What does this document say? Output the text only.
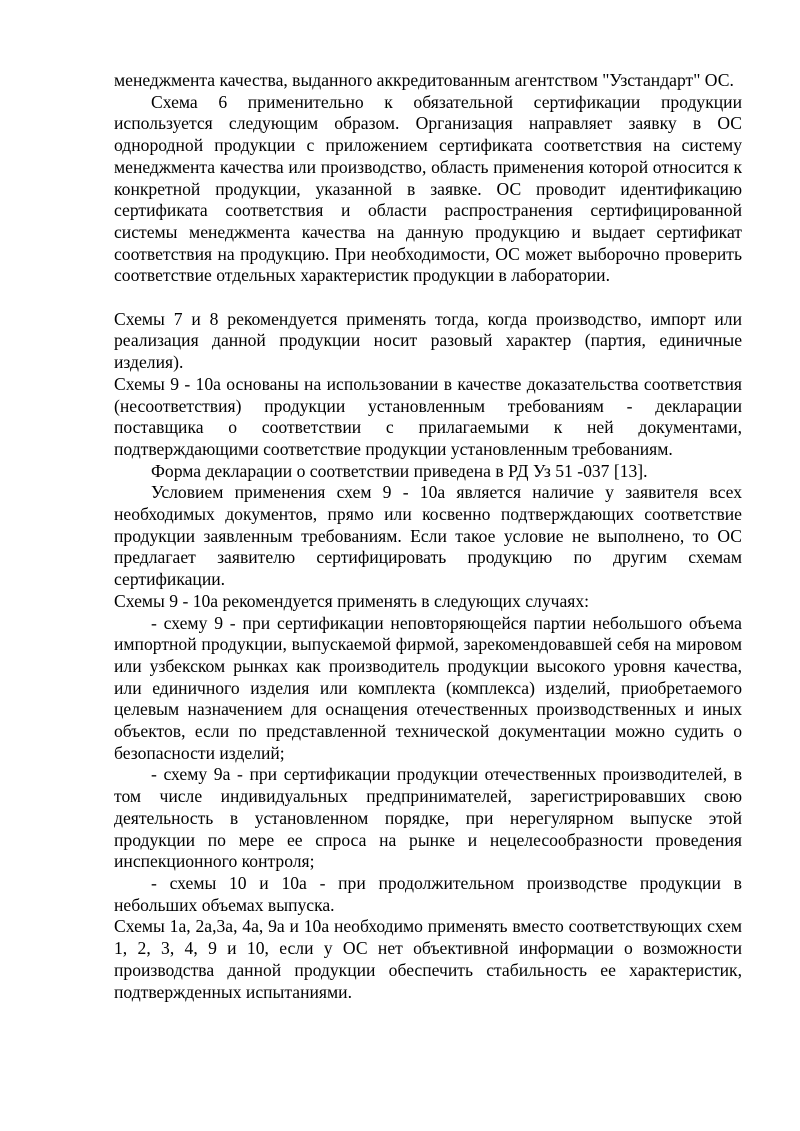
менеджмента качества, выданного аккредитованным агентством "Узстандарт" ОС.

Схема 6 применительно к обязательной сертификации продукции используется следующим образом. Организация направляет заявку в ОС однородной продукции с приложением сертификата соответствия на систему менеджмента качества или производство, область применения которой относится к конкретной продукции, указанной в заявке. ОС проводит идентификацию сертификата соответствия и области распространения сертифицированной системы менеджмента качества на данную продукцию и выдает сертификат соответствия на продукцию. При необходимости, ОС может выборочно проверить соответствие отдельных характеристик продукции в лаборатории.

Схемы 7 и 8 рекомендуется применять тогда, когда производство, импорт или реализация данной продукции носит разовый характер (партия, единичные изделия).

Схемы 9 - 10а основаны на использовании в качестве доказательства соответствия (несоответствия) продукции установленным требованиям - декларации поставщика о соответствии с прилагаемыми к ней документами, подтверждающими соответствие продукции установленным требованиям.

Форма декларации о соответствии приведена в РД Уз 51 -037 [13].

Условием применения схем 9 - 10а является наличие у заявителя всех необходимых документов, прямо или косвенно подтверждающих соответствие продукции заявленным требованиям. Если такое условие не выполнено, то ОС предлагает заявителю сертифицировать продукцию по другим схемам сертификации.

Схемы 9 - 10а рекомендуется применять в следующих случаях:

- схему 9 - при сертификации неповторяющейся партии небольшого объема импортной продукции, выпускаемой фирмой, зарекомендовавшей себя на мировом или узбекском рынках как производитель продукции высокого уровня качества, или единичного изделия или комплекта (комплекса) изделий, приобретаемого целевым назначением для оснащения отечественных производственных и иных объектов, если по представленной технической документации можно судить о безопасности изделий;

- схему 9а - при сертификации продукции отечественных производителей, в том числе индивидуальных предпринимателей, зарегистрировавших свою деятельность в установленном порядке, при нерегулярном выпуске этой продукции по мере ее спроса на рынке и нецелесообразности проведения инспекционного контроля;

- схемы 10 и 10а - при продолжительном производстве продукции в небольших объемах выпуска.

Схемы 1а, 2а,3а, 4а, 9а и 10а необходимо применять вместо соответствующих схем 1, 2, 3, 4, 9 и 10, если у ОС нет объективной информации о возможности производства данной продукции обеспечить стабильность ее характеристик, подтвержденных испытаниями.
